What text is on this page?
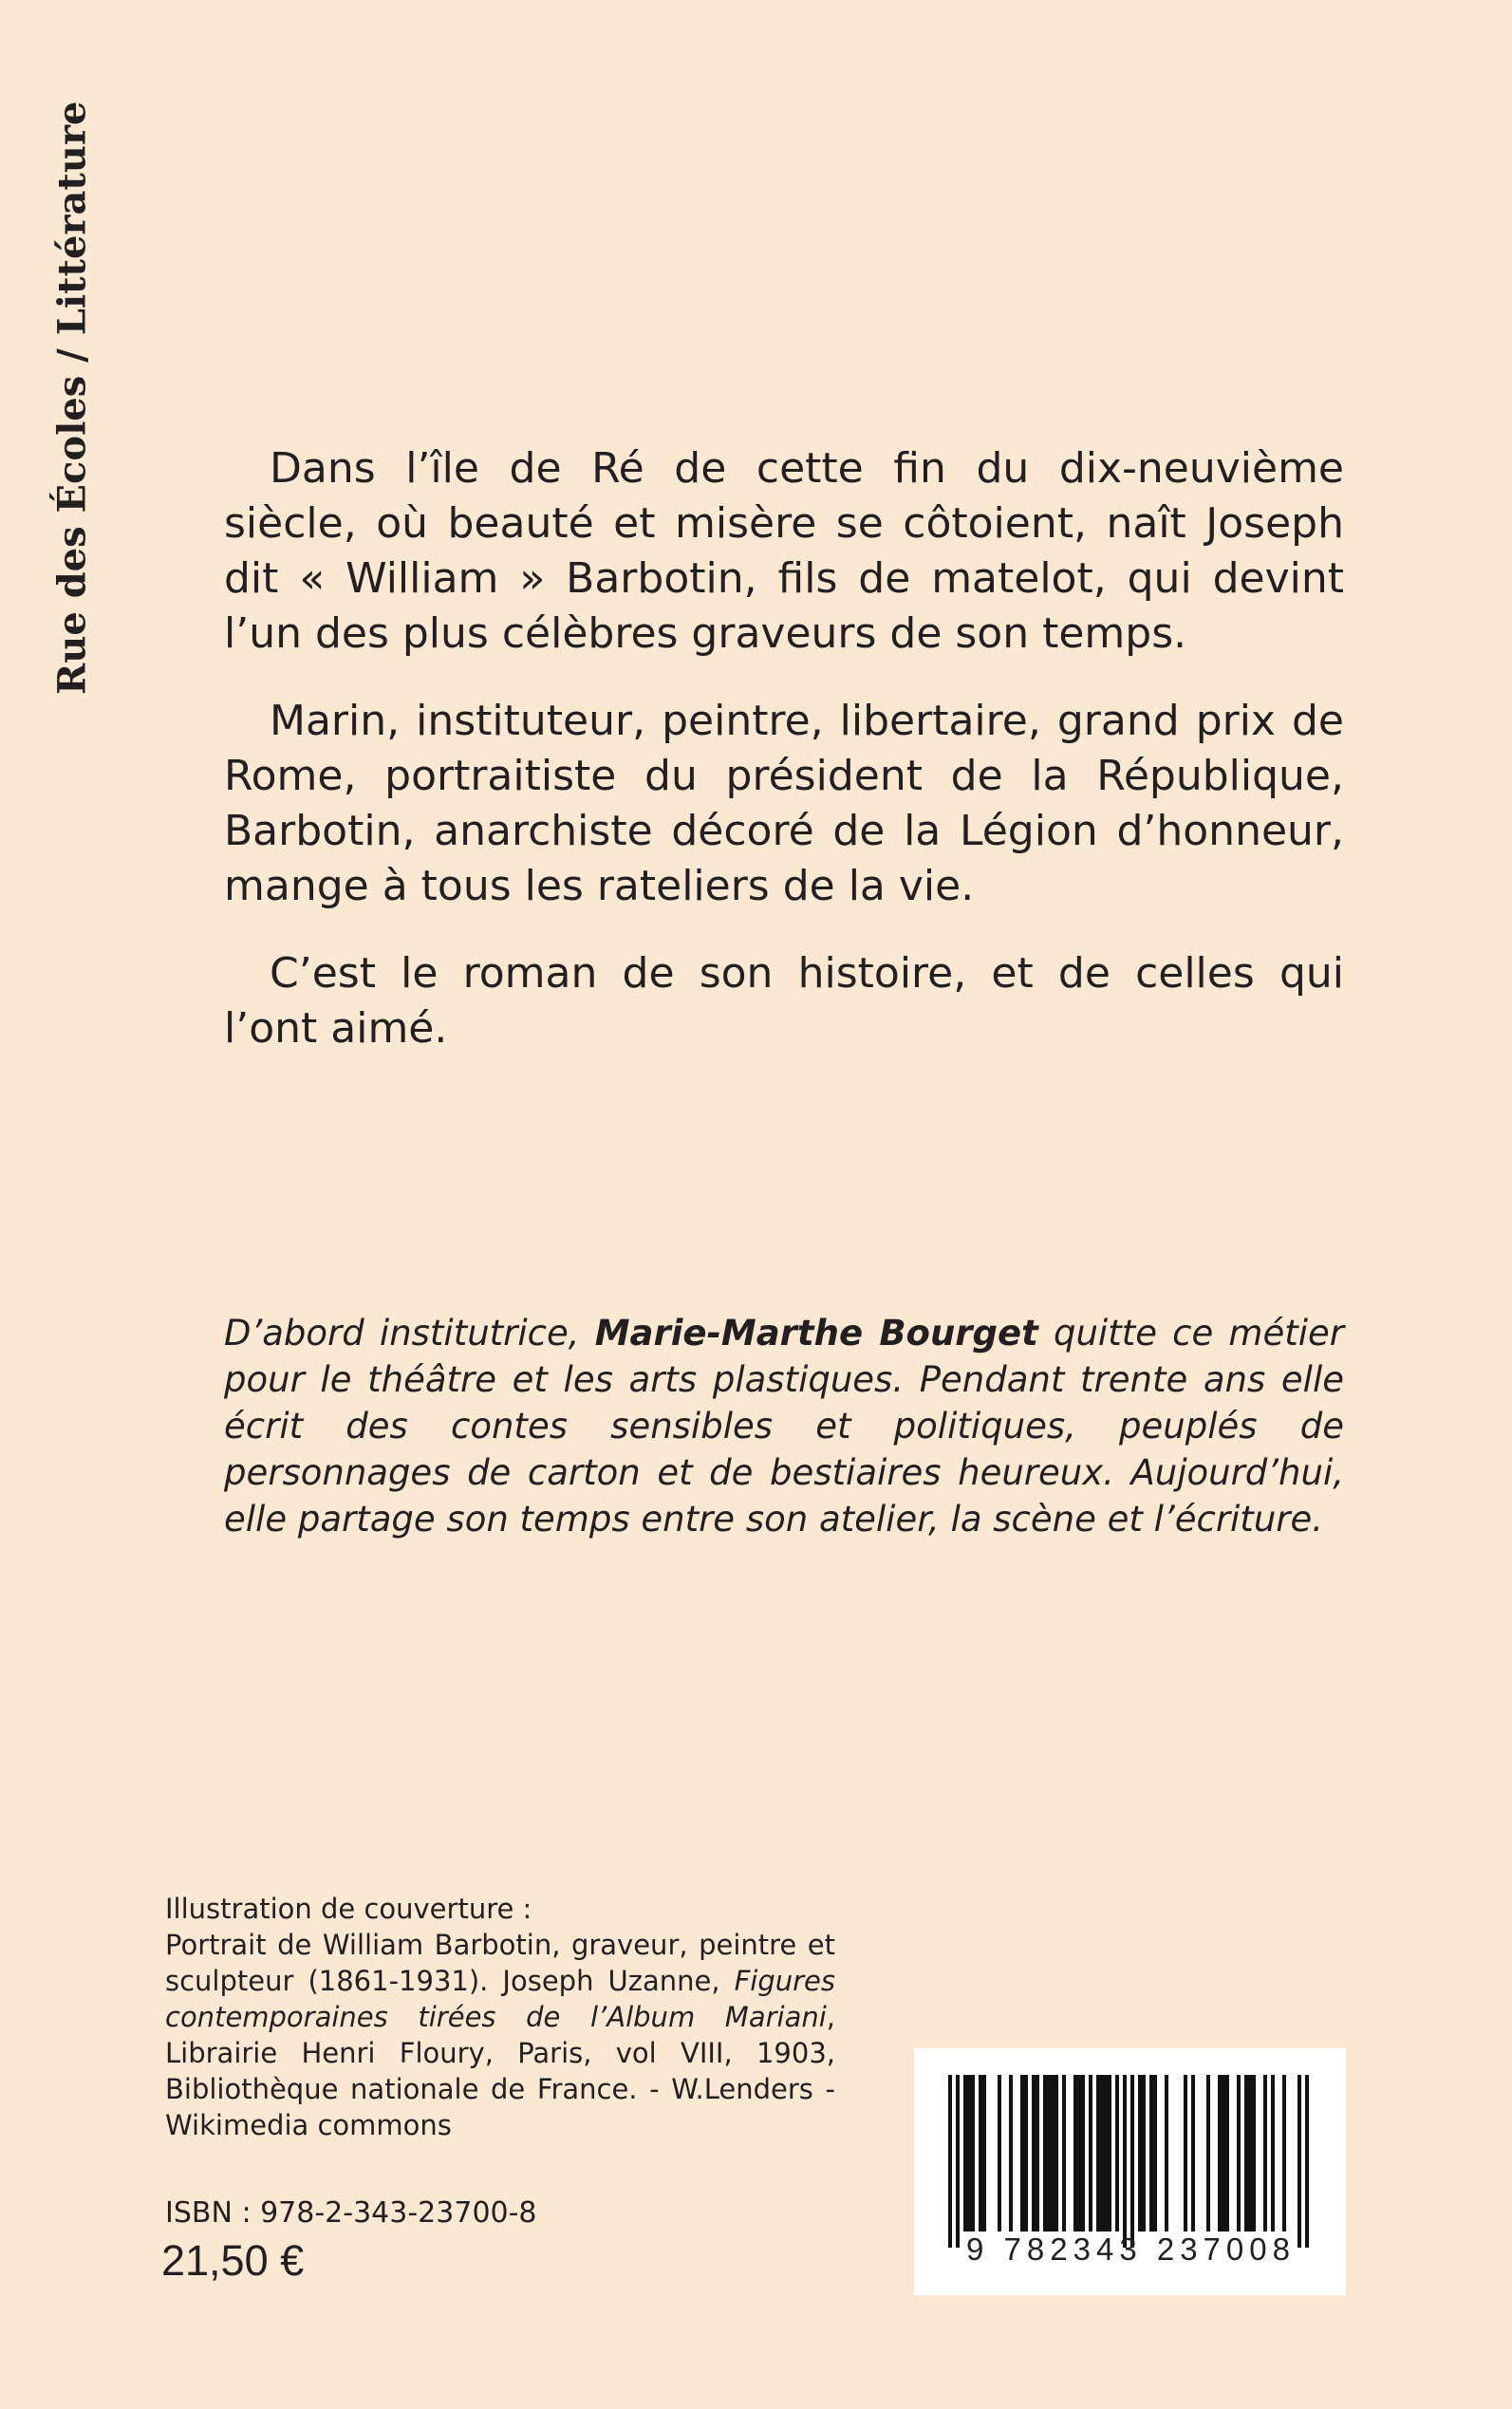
Rue des Écoles / Littérature	Dans l’île de Ré de cette fin du dix-neuvième siècle, où beauté et misère se côtoient, naît Joseph dit « William » Barbotin, fils de matelot, qui devint l’un des plus célèbres graveurs de son temps.

Marin, instituteur, peintre, libertaire, grand prix de Rome, portraitiste du président de la République, Barbotin, anarchiste décoré de la Légion d’honneur, mange à tous les rateliers de la vie.

C’est le roman de son histoire, et de celles qui l’ont aimé.

D’abord institutrice, Marie-Marthe Bourget quitte ce métier pour le théâtre et les arts plastiques. Pendant trente ans elle écrit des contes sensibles et politiques, peuplés de personnages de carton et de bestiaires heureux. Aujourd’hui, elle partage son temps entre son atelier, la scène et l’écriture.

Illustration de couverture :

Portrait de William Barbotin, graveur, peintre et sculpteur (1861-1931). Joseph Uzanne, Figures contemporaines tirées de l’Album Mariani, Librairie Henri Floury, Paris, vol VIII, 1903, Bibliothèque nationale de France. - W.Lenders - Wikimedia commons

ISBN : 978-2-343-23700-8
21,50 €	9 782343 237008
